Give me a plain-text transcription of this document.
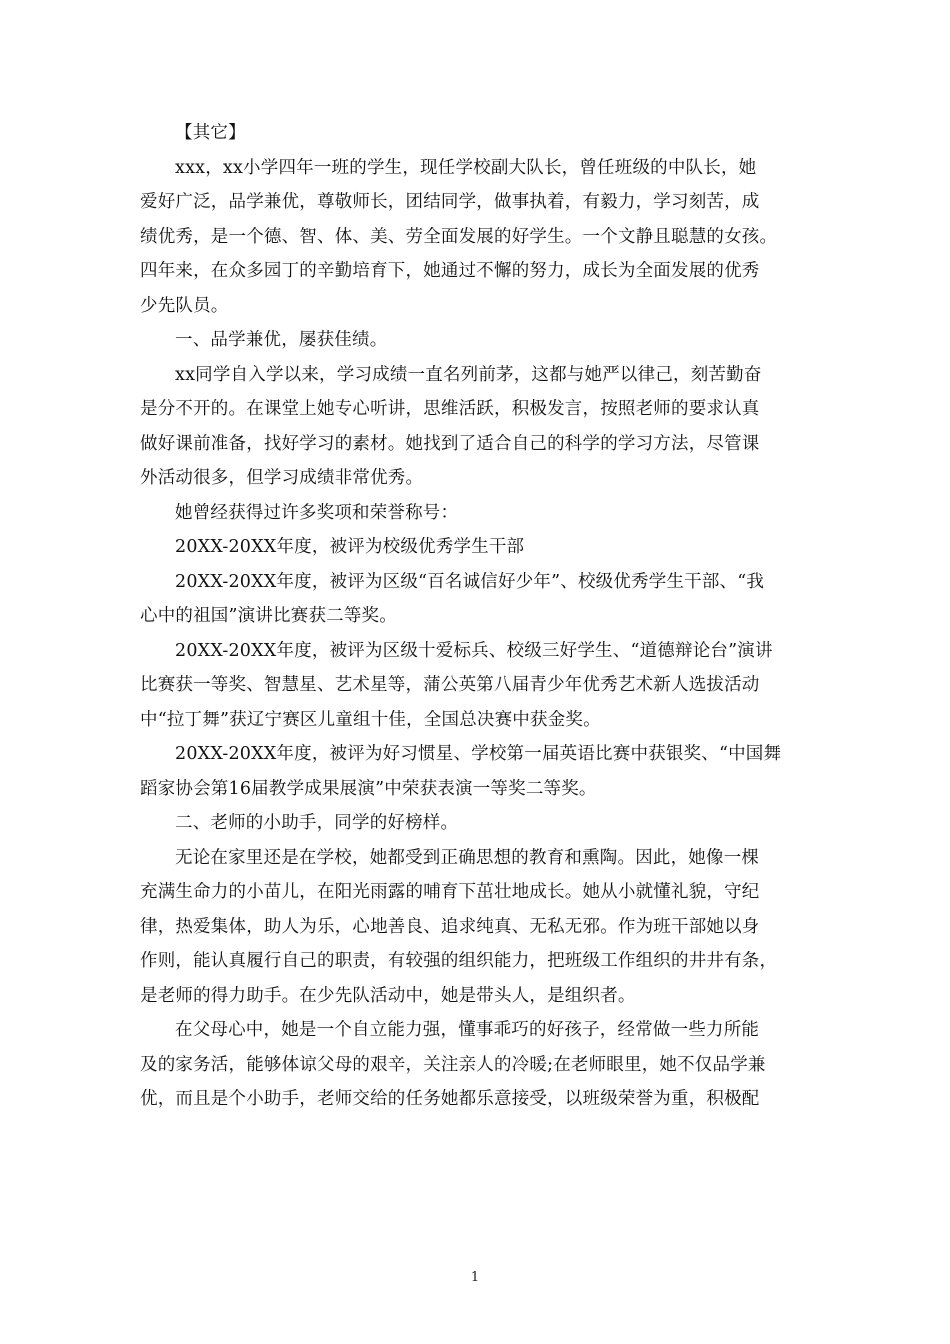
【其它】

xxx，xx小学四年一班的学生，现任学校副大队长，曾任班级的中队长，她
爱好广泛，品学兼优，尊敬师长，团结同学，做事执着，有毅力，学习刻苦，成
绩优秀，是一个德、智、体、美、劳全面发展的好学生。一个文静且聪慧的女孩。
四年来，在众多园丁的辛勤培育下，她通过不懈的努力，成长为全面发展的优秀
少先队员。

一、品学兼优，屡获佳绩。

xx同学自入学以来，学习成绩一直名列前茅，这都与她严以律己，刻苦勤奋
是分不开的。在课堂上她专心听讲，思维活跃，积极发言，按照老师的要求认真
做好课前准备，找好学习的素材。她找到了适合自己的科学的学习方法，尽管课
外活动很多，但学习成绩非常优秀。

她曾经获得过许多奖项和荣誉称号：

20XX-20XX年度，被评为校级优秀学生干部

20XX-20XX年度，被评为区级“百名诚信好少年”、校级优秀学生干部、“我
心中的祖国”演讲比赛获二等奖。

20XX-20XX年度，被评为区级十爱标兵、校级三好学生、“道德辩论台”演讲
比赛获一等奖、智慧星、艺术星等，蒲公英第八届青少年优秀艺术新人选拔活动
中“拉丁舞”获辽宁赛区儿童组十佳，全国总决赛中获金奖。

20XX-20XX年度，被评为好习惯星、学校第一届英语比赛中获银奖、“中国舞
蹈家协会第16届教学成果展演”中荣获表演一等奖二等奖。

二、老师的小助手，同学的好榜样。

无论在家里还是在学校，她都受到正确思想的教育和熏陶。因此，她像一棵
充满生命力的小苗儿，在阳光雨露的哺育下茁壮地成长。她从小就懂礼貌，守纪
律，热爱集体，助人为乐，心地善良、追求纯真、无私无邪。作为班干部她以身
作则，能认真履行自己的职责，有较强的组织能力，把班级工作组织的井井有条，
是老师的得力助手。在少先队活动中，她是带头人，是组织者。

在父母心中，她是一个自立能力强，懂事乖巧的好孩子，经常做一些力所能
及的家务活，能够体谅父母的艰辛，关注亲人的冷暖;在老师眼里，她不仅品学兼
优，而且是个小助手，老师交给的任务她都乐意接受，以班级荣誉为重，积极配

1
